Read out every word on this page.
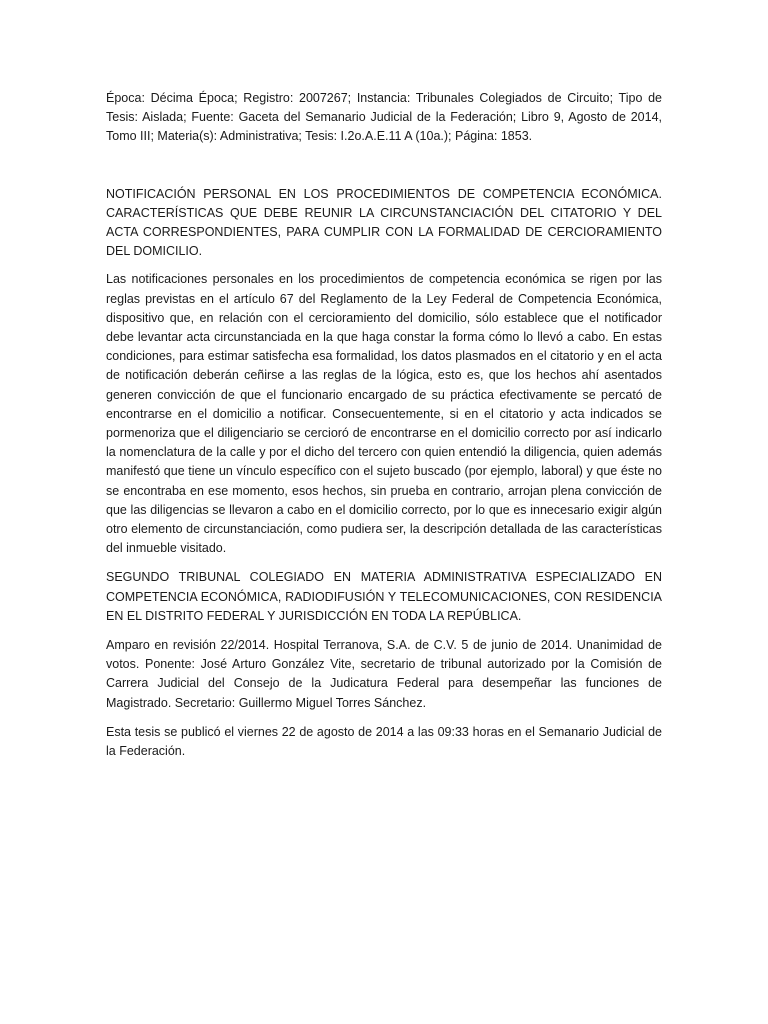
Época: Décima Época; Registro: 2007267; Instancia: Tribunales Colegiados de Circuito; Tipo de Tesis: Aislada; Fuente: Gaceta del Semanario Judicial de la Federación; Libro 9, Agosto de 2014, Tomo III; Materia(s): Administrativa; Tesis: I.2o.A.E.11 A (10a.); Página: 1853.

NOTIFICACIÓN PERSONAL EN LOS PROCEDIMIENTOS DE COMPETENCIA ECONÓMICA. CARACTERÍSTICAS QUE DEBE REUNIR LA CIRCUNSTANCIACIÓN DEL CITATORIO Y DEL ACTA CORRESPONDIENTES, PARA CUMPLIR CON LA FORMALIDAD DE CERCIORAMIENTO DEL DOMICILIO.

Las notificaciones personales en los procedimientos de competencia económica se rigen por las reglas previstas en el artículo 67 del Reglamento de la Ley Federal de Competencia Económica, dispositivo que, en relación con el cercioramiento del domicilio, sólo establece que el notificador debe levantar acta circunstanciada en la que haga constar la forma cómo lo llevó a cabo. En estas condiciones, para estimar satisfecha esa formalidad, los datos plasmados en el citatorio y en el acta de notificación deberán ceñirse a las reglas de la lógica, esto es, que los hechos ahí asentados generen convicción de que el funcionario encargado de su práctica efectivamente se percató de encontrarse en el domicilio a notificar. Consecuentemente, si en el citatorio y acta indicados se pormenoriza que el diligenciario se cercioró de encontrarse en el domicilio correcto por así indicarlo la nomenclatura de la calle y por el dicho del tercero con quien entendió la diligencia, quien además manifestó que tiene un vínculo específico con el sujeto buscado (por ejemplo, laboral) y que éste no se encontraba en ese momento, esos hechos, sin prueba en contrario, arrojan plena convicción de que las diligencias se llevaron a cabo en el domicilio correcto, por lo que es innecesario exigir algún otro elemento de circunstanciación, como pudiera ser, la descripción detallada de las características del inmueble visitado.

SEGUNDO TRIBUNAL COLEGIADO EN MATERIA ADMINISTRATIVA ESPECIALIZADO EN COMPETENCIA ECONÓMICA, RADIODIFUSIÓN Y TELECOMUNICACIONES, CON RESIDENCIA EN EL DISTRITO FEDERAL Y JURISDICCIÓN EN TODA LA REPÚBLICA.

Amparo en revisión 22/2014. Hospital Terranova, S.A. de C.V. 5 de junio de 2014. Unanimidad de votos. Ponente: José Arturo González Vite, secretario de tribunal autorizado por la Comisión de Carrera Judicial del Consejo de la Judicatura Federal para desempeñar las funciones de Magistrado. Secretario: Guillermo Miguel Torres Sánchez.

Esta tesis se publicó el viernes 22 de agosto de 2014 a las 09:33 horas en el Semanario Judicial de la Federación.
